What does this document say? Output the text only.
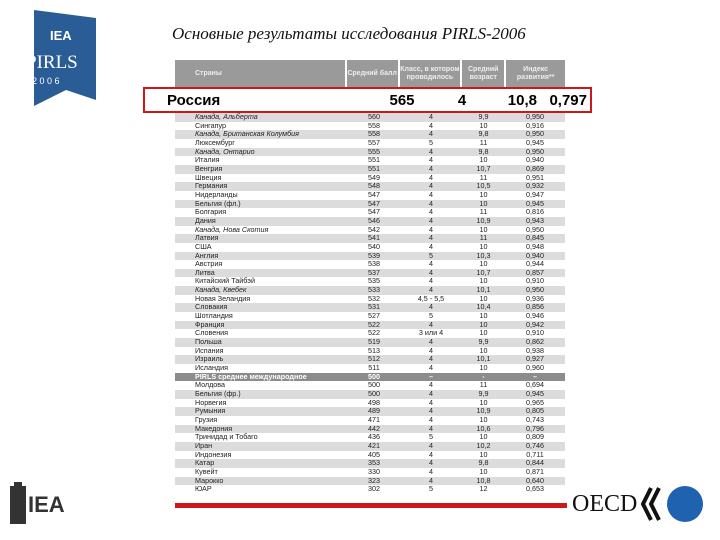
IEA
PIRLS
2 0 0 6
Основные результаты исследования PIRLS-2006
Страны	Средний балл
Класс, в котором проводилось
Средний возраст
Индекс развития**
Россия	565	4	10,8 0,797
Канада, Альберта	560	4	9,9	0,950
Сингапур	558	4	10	0,916
Канада, Британская Колумбия	558	4	9,8	0,950
Люксембург	557	5	11	0,945
Канада, Онтарио	555	4	9,8	0,950
Италия	551	4	10	0,940
Венгрия	551	4	10,7	0,869
Швеция	549	4	11	0,951
Германия	548	4	10,5	0,932
Нидерланды	547	4	10	0,947
Бельгия (фл.)	547	4	10	0,945
Болгария	547	4	11	0,816
Дания	546	4	10,9	0,943
Канада, Нова Скотия	542	4	10	0,950
Латвия	541	4	11	0,845
США	540	4	10	0,948
Англия	539	5	10,3	0,940
Австрия	538	4	10	0,944
Литва	537	4	10,7	0,857
Китайский Тайбэй	535	4	10	0,910
Канада, Квебек	533	4	10,1	0,950
Новая Зеландия	532	4,5 - 5,5	10	0,936
Словакия	531	4	10,4	0,856
Шотландия	527	5	10	0,946
Франция	522	4	10	0,942
Словения	522	3 или 4	10	0,910
Польша	519	4	9,9	0,862
Испания	513	4	10	0,938
Израиль	512	4	10,1	0,927
Исландия	511	4	10	0,960
PIRLS среднее международное	500	–	-	–
Молдова	500	4	11	0,694
Бельгия (фр.)	500	4	9,9	0,945
Норвегия	498	4	10	0,965
Румыния	489	4	10,9	0,805
Грузия	471	4	10	0,743
Македония	442	4	10,6	0,796
Тринидад и Тобаго	436	5	10	0,809
Иран	421	4	10,2	0,746
Индонезия	405	4	10	0,711
Катар	353	4	9,8	0,844
Кувейт	330	4	10	0,871
Марокко	323	4	10,8	0,640
ЮАР	302	5	12	0,653
IEA	OECD
